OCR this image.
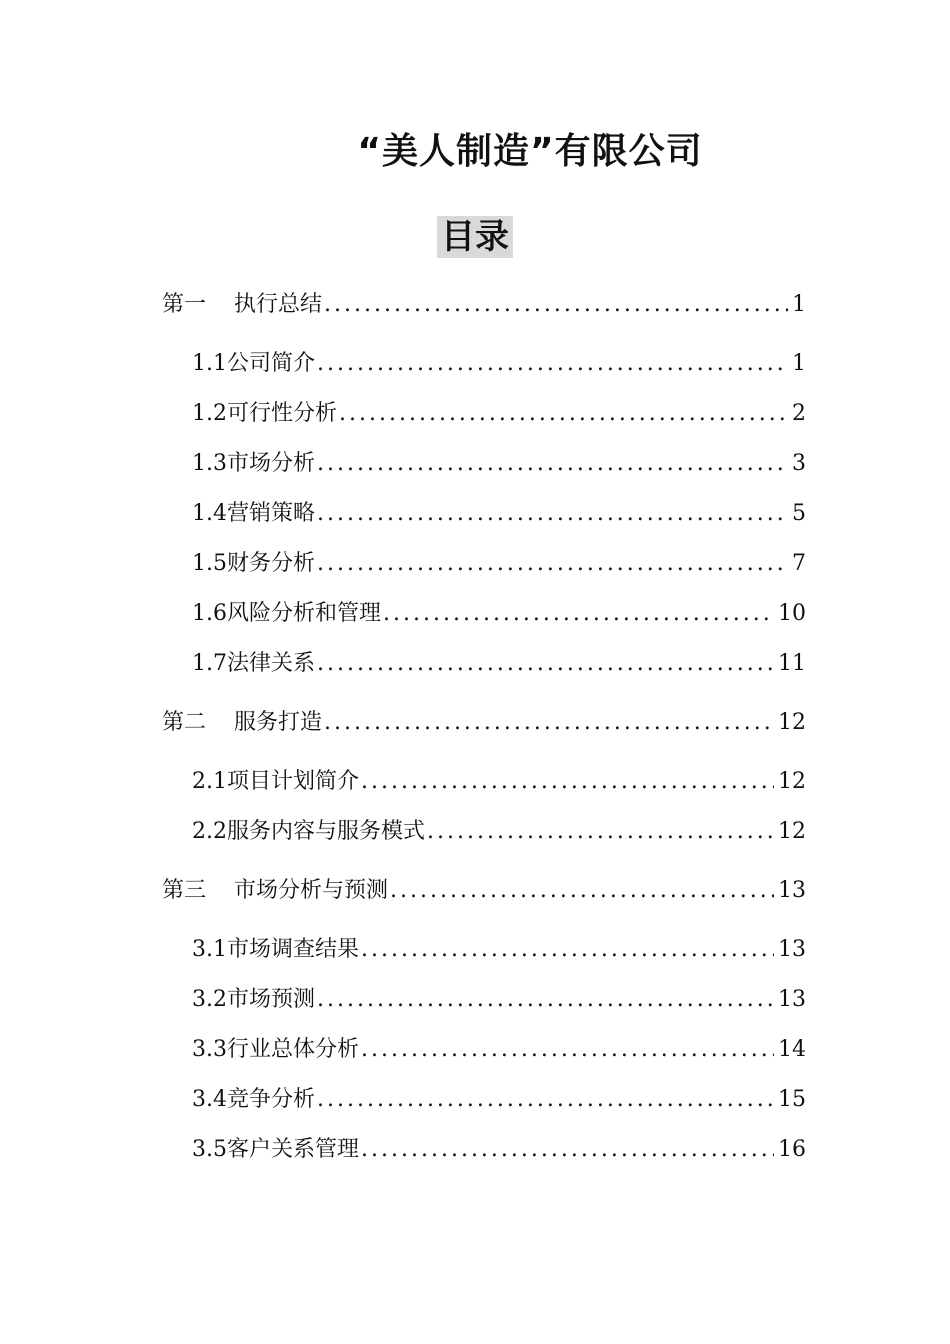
“美人制造”有限公司
目录
第一 执行总结 .....	1
1.1 公司简介 .....	1
1.2 可行性分析 .....	2
1.3 市场分析 .....	3
1.4 营销策略 .....	5
1.5 财务分析 .....	7
1.6 风险分析和管理 .....	10
1.7 法律关系 .....	11
第二 服务打造 .....	12
2.1 项目计划简介 .....	12
2.2 服务内容与服务模式 .....	12
第三 市场分析与预测 .....	13
3.1 市场调查结果 .....	13
3.2 市场预测 .....	13
3.3 行业总体分析 .....	14
3.4 竞争分析 .....	15
3.5 客户关系管理 .....	16
